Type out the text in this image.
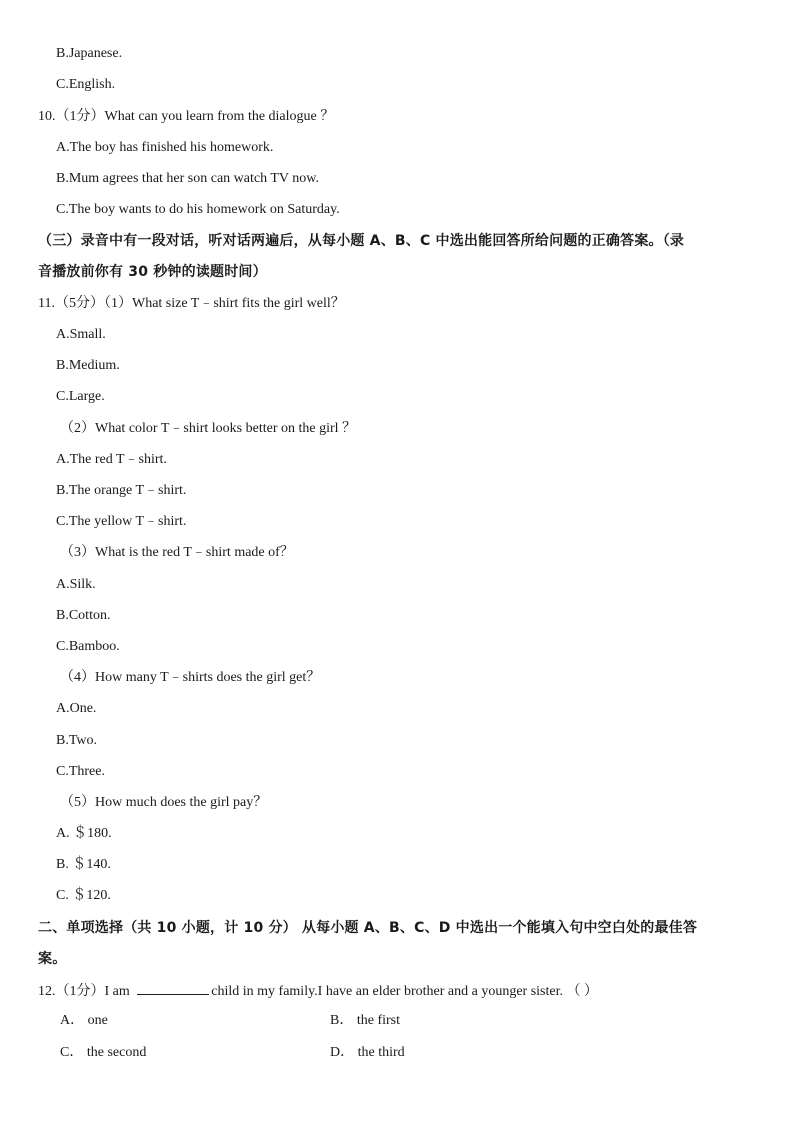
B.Japanese.
C.English.
10.（1分）What can you learn from the dialogue ？
A.The boy has finished his homework.
B.Mum agrees that her son can watch TV now.
C.The boy wants to do his homework on Saturday.
（三）录音中有一段对话，听对话两遍后，从每小题 A、B、C 中选出能回答所给问题的正确答案。（录
音播放前你有 30 秒钟的读题时间）
11.（5分）（1）What size T﹣shirt fits the girl well？
A.Small.
B.Medium.
C.Large.
（2）What color T﹣shirt looks better on the girl ？
A.The red T﹣shirt.
B.The orange T﹣shirt.
C.The yellow T﹣shirt.
（3）What is the red T﹣shirt made of？
A.Silk.
B.Cotton.
C.Bamboo.
（4）How many T﹣shirts does the girl get？
A.One.
B.Two.
C.Three.
（5）How much does the girl pay？
A. ＄180.
B. ＄140.
C. ＄120.
二、单项选择（共 10 小题，计 10 分） 从每小题 A、B、C、D 中选出一个能填入句中空白处的最佳答
案。
12.（1分）I am	child in my family.I have an elder brother and a younger sister. （ ）
A． one	B． the first
C． the second	D． the third
